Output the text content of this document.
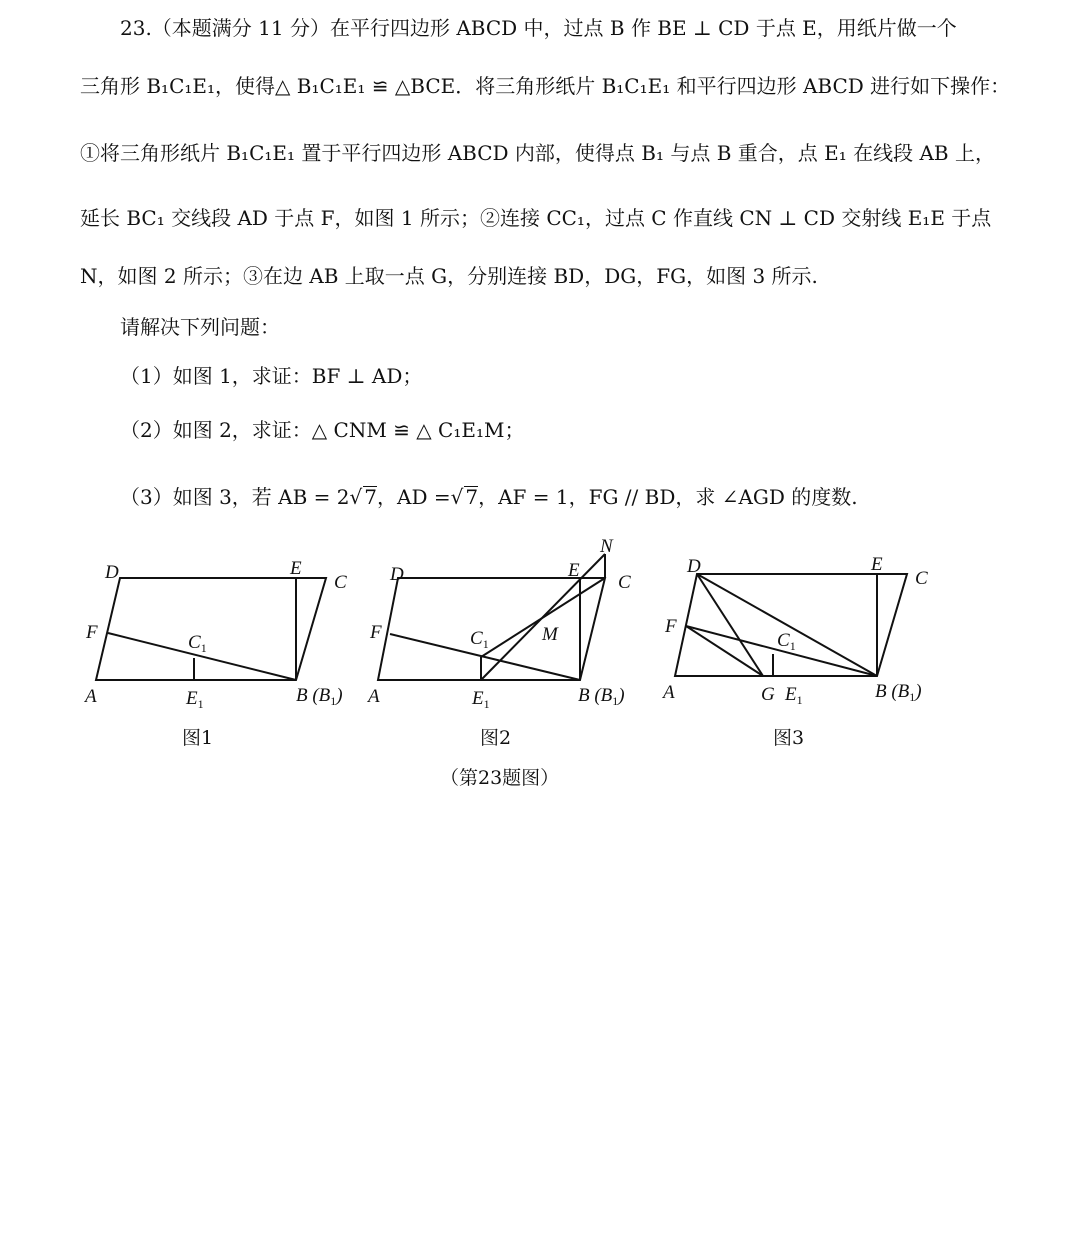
23.（本题满分 11 分）在平行四边形 ABCD 中，过点 B 作 BE ⊥ CD 于点 E，用纸片做一个
三角形 B₁C₁E₁，使得△ B₁C₁E₁ ≌ △BCE．将三角形纸片 B₁C₁E₁ 和平行四边形 ABCD 进行如下操作：
①将三角形纸片 B₁C₁E₁ 置于平行四边形 ABCD 内部，使得点 B₁ 与点 B 重合，点 E₁ 在线段 AB 上，
延长 BC₁ 交线段 AD 于点 F，如图 1 所示；②连接 CC₁，过点 C 作直线 CN ⊥ CD 交射线 E₁E 于点
N，如图 2 所示；③在边 AB 上取一点 G，分别连接 BD，DG，FG，如图 3 所示.
请解决下列问题：
（1）如图 1，求证：BF ⊥ AD；
（2）如图 2，求证：△ CNM ≌ △ C₁E₁M；
（3）如图 3，若 AB = 2√ 7，AD =√ 7，AF = 1，FG // BD，求 ∠AGD 的度数.
D	E
C
F	$C_1$
A	$E_1$	B $(B_1)$
图1
D	E
C
N
F	$C_1$	M
A	$E_1$	B $(B_1)$
图2
D	E
C
F
$C_1$
A	G $E_1$	B $(B_1)$
图3
（第23题图）
